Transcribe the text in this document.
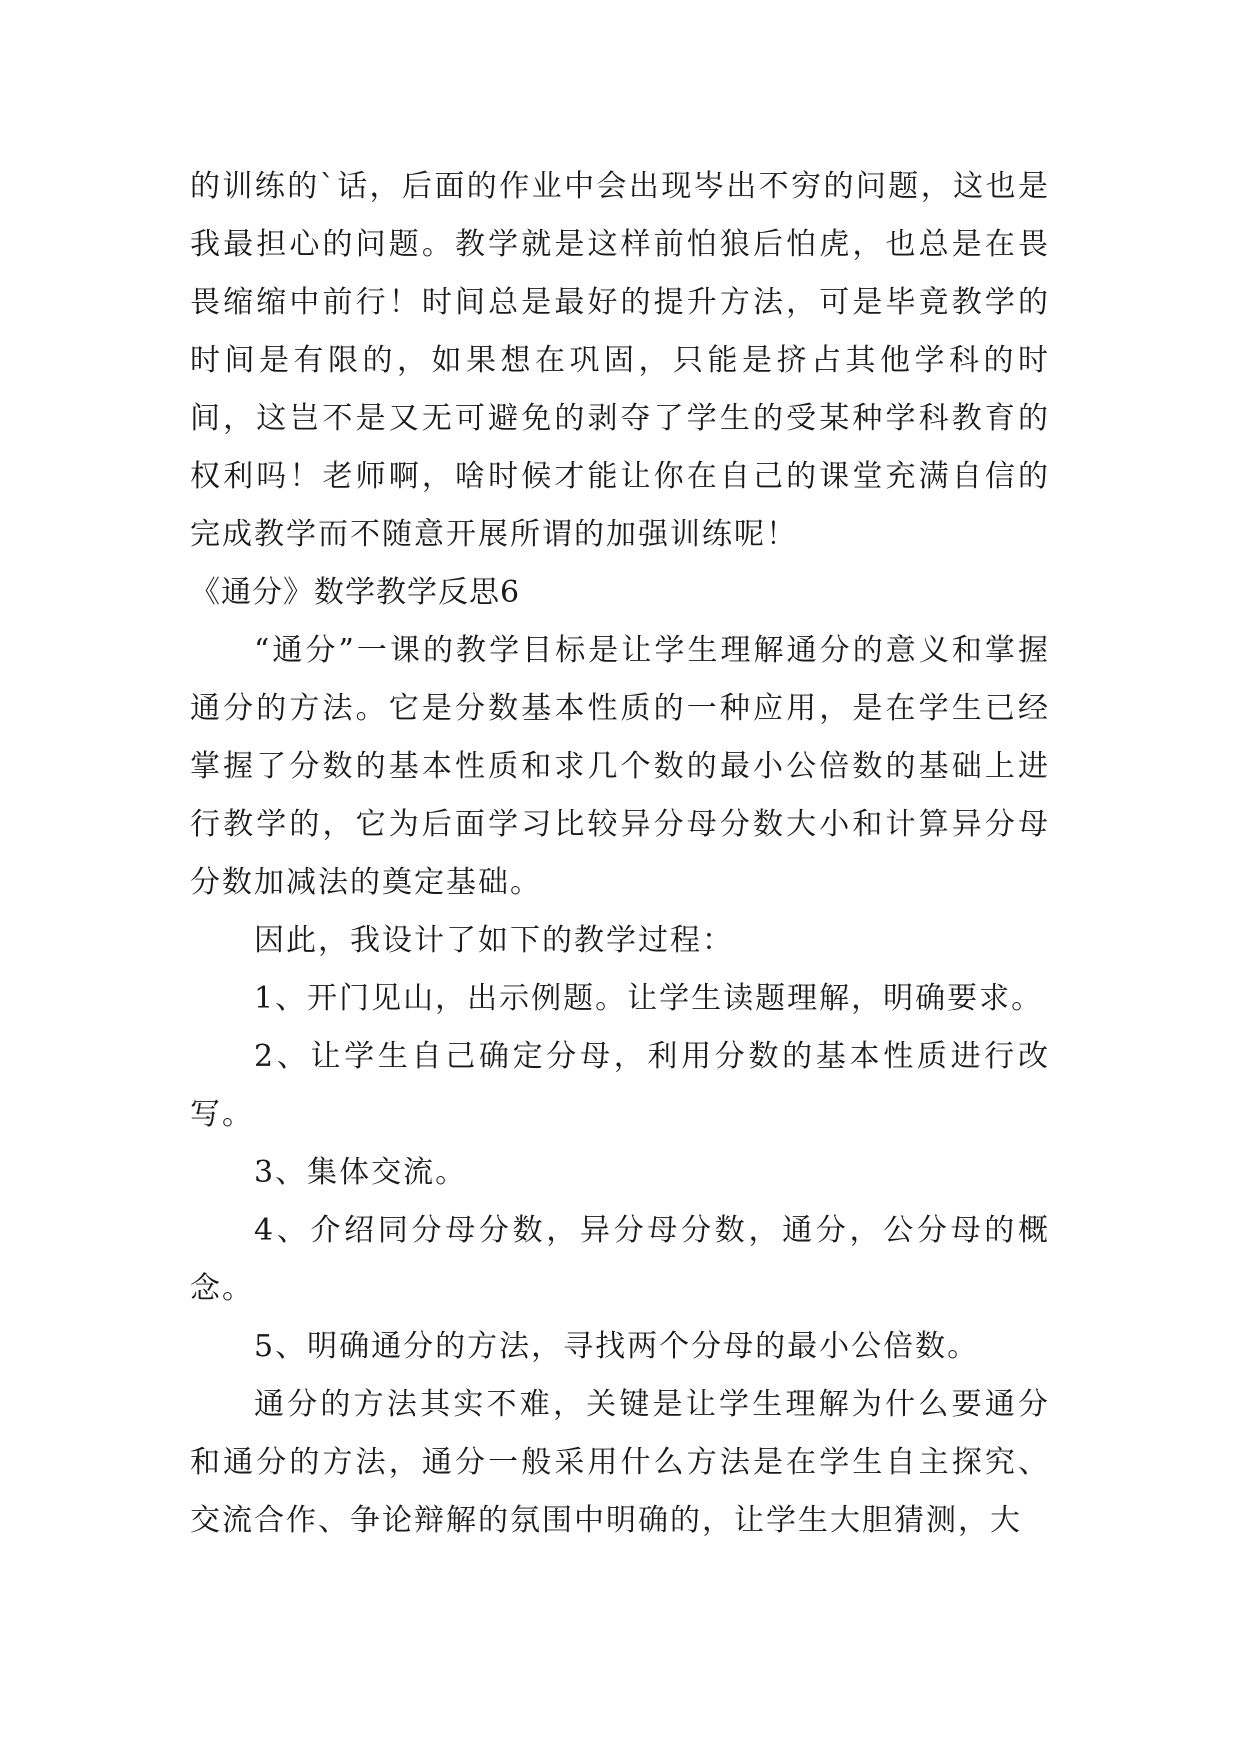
的训练的`话，后面的作业中会出现岑出不穷的问题，这也是我最担心的问题。教学就是这样前怕狼后怕虎，也总是在畏畏缩缩中前行！时间总是最好的提升方法，可是毕竟教学的时间是有限的，如果想在巩固，只能是挤占其他学科的时间，这岂不是又无可避免的剥夺了学生的受某种学科教育的权利吗！老师啊，啥时候才能让你在自己的课堂充满自信的完成教学而不随意开展所谓的加强训练呢！

《通分》数学教学反思6

“通分”一课的教学目标是让学生理解通分的意义和掌握通分的方法。它是分数基本性质的一种应用，是在学生已经掌握了分数的基本性质和求几个数的最小公倍数的基础上进行教学的，它为后面学习比较异分母分数大小和计算异分母分数加减法的奠定基础。

因此，我设计了如下的教学过程：

1、开门见山，出示例题。让学生读题理解，明确要求。

2、让学生自己确定分母，利用分数的基本性质进行改写。

3、集体交流。

4、介绍同分母分数，异分母分数，通分，公分母的概念。

5、明确通分的方法，寻找两个分母的最小公倍数。

通分的方法其实不难，关键是让学生理解为什么要通分和通分的方法，通分一般采用什么方法是在学生自主探究、交流合作、争论辩解的氛围中明确的，让学生大胆猜测，大
